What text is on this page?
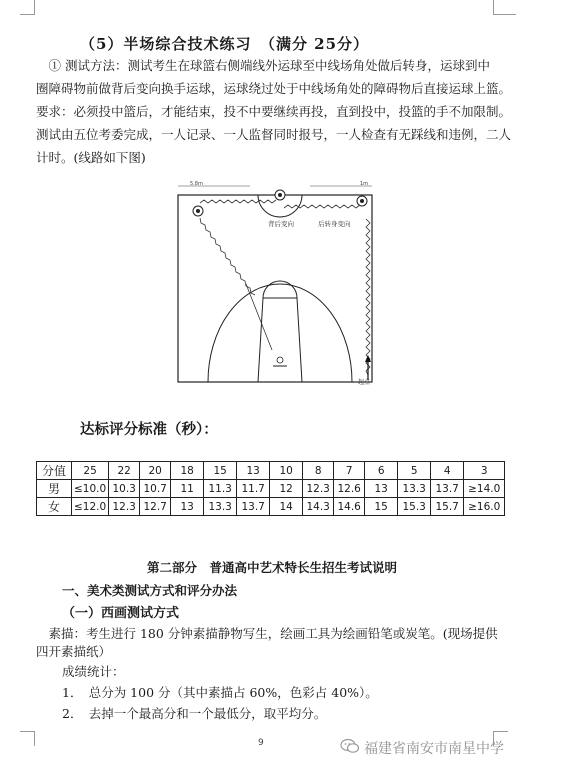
（5）半场综合技术练习　（满分 25分）
　① 测试方法：测试考生在球篮右侧端线外运球至中线场角处做后转身，运球到中
圈障碍物前做背后变向换手运球，运球绕过处于中线场角处的障碍物后直接运球上篮。
要求：必须投中篮后，才能结束，投不中要继续再投，直到投中，投篮的手不加限制。
测试由五位考委完成，一人记录、一人监督同时报号，一人检查有无踩线和违例，二人
计时。(线路如下图)
5.8m	1m
背后变向	后转身变向
起点
达标评分标准（秒）：
分值	25	22	20	18	15	13	10	8	7	6	5	4	3
男	≤10.0	10.3	10.7	11	11.3	11.7	12	12.3	12.6	13	13.3	13.7	≥14.0
女	≤12.0	12.3	12.7	13	13.3	13.7	14	14.3	14.6	15	15.3	15.7	≥16.0
第二部分　普通高中艺术特长生招生考试说明
一、美术类测试方式和评分办法
（一）西画测试方式
　素描：考生进行 180 分钟素描静物写生，绘画工具为绘画铅笔或炭笔。(现场提供
四开素描纸）
成绩统计：
1．　总分为 100 分（其中素描占 60%，色彩占 40%）。
2．　去掉一个最高分和一个最低分，取平均分。
9	福建省南安市南星中学
